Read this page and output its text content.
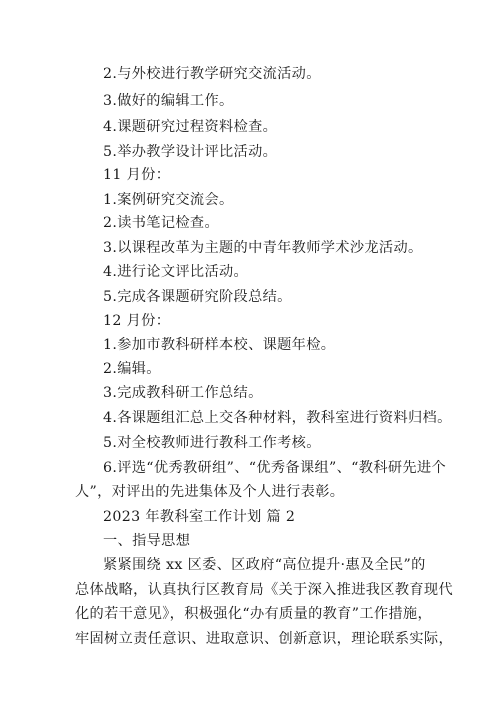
2.与外校进行教学研究交流活动。
3.做好的编辑工作。
4.课题研究过程资料检查。
5.举办教学设计评比活动。
11 月份：
1.案例研究交流会。
2.读书笔记检查。
3.以课程改革为主题的中青年教师学术沙龙活动。
4.进行论文评比活动。
5.完成各课题研究阶段总结。
12 月份：
1.参加市教科研样本校、课题年检。
2.编辑。
3.完成教科研工作总结。
4.各课题组汇总上交各种材料，教科室进行资料归档。
5.对全校教师进行教科工作考核。
6.评选“优秀教研组”、“优秀备课组”、“教科研先进个
人”，对评出的先进集体及个人进行表彰。
2023 年教科室工作计划 篇 2
一、指导思想
紧紧围绕 xx 区委、区政府“高位提升·惠及全民”的
总体战略，认真执行区教育局《关于深入推进我区教育现代
化的若干意见》，积极强化“办有质量的教育”工作措施，
牢固树立责任意识、进取意识、创新意识，理论联系实际，
